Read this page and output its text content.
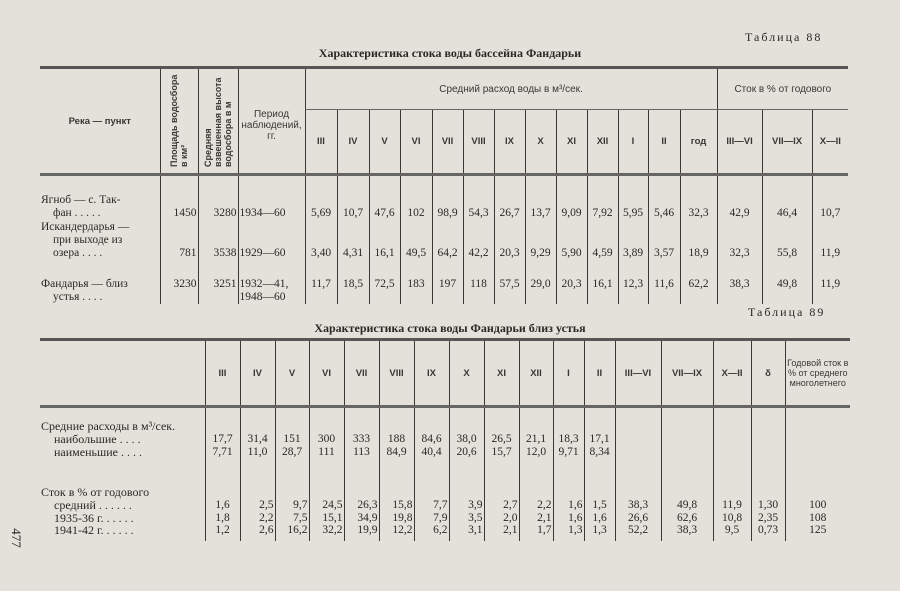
Таблица 88
Характеристика стока воды бассейна Фандарьи
Река — пункт	Площадь водосбора в км²	Средняя взвешенная высота водосбора в м	Период наблюдений, гг.	Средний расход воды в м³/сек.													Сток в % от годового		
				III	IV	V	VI	VII	VIII	IX	X	XI	XII	I	II	год	III—VI	VII—IX	X—II

Ягноб — с. Так-
фан . . . . .	1450	3280	1934—60	5,69	10,7	47,6	102	98,9	54,3	26,7	13,7	9,09	7,92	5,95	5,46	32,3	42,9	46,4	10,7

Искандердарья —
при выходе из
озера . . . .	781	3538	1929—60	3,40	4,31	16,1	49,5	64,2	42,2	20,3	9,29	5,90	4,59	3,89	3,57	18,9	32,3	55,8	11,9

Фандарья — близ
устья . . . .	3230	3251	1932—41, 1948—60	11,7	18,5	72,5	183	197	118	57,5	29,0	20,3	16,1	12,3	11,6	62,2	38,3	49,8	11,9
Таблица 89
Характеристика стока воды Фандарьи близ устья
	III	IV	V	VI	VII	VIII	IX	X	XI	XII	I	II	III—VI	VII—IX	X—II	δ	Годовой сток в % от среднего многолетнего
Средние расходы в м³/сек.																	
наибольшие . . . .	17,7	31,4	151	300	333	188	84,6	38,0	26,5	21,1	18,3	17,1					
наименьшие . . . .	7,71	11,0	28,7	111	113	84,9	40,4	20,6	15,7	12,0	9,71	8,34					

Сток в % от годового																	
средний . . . . . .	1,6	2,5	9,7	24,5	26,3	15,8	7,7	3,9	2,7	2,2	1,6	1,5	38,3	49,8	11,9	1,30	100
1935-36 г. . . . . .	1,8	2,2	7,5	15,1	34,9	19,8	7,9	3,5	2,0	2,1	1,6	1,6	26,6	62,6	10,8	2,35	108
1941-42 г. . . . . .	1,2	2,6	16,2	32,2	19,9	12,2	6,2	3,1	2,1	1,7	1,3	1,3	52,2	38,3	9,5	0,73	125

477
